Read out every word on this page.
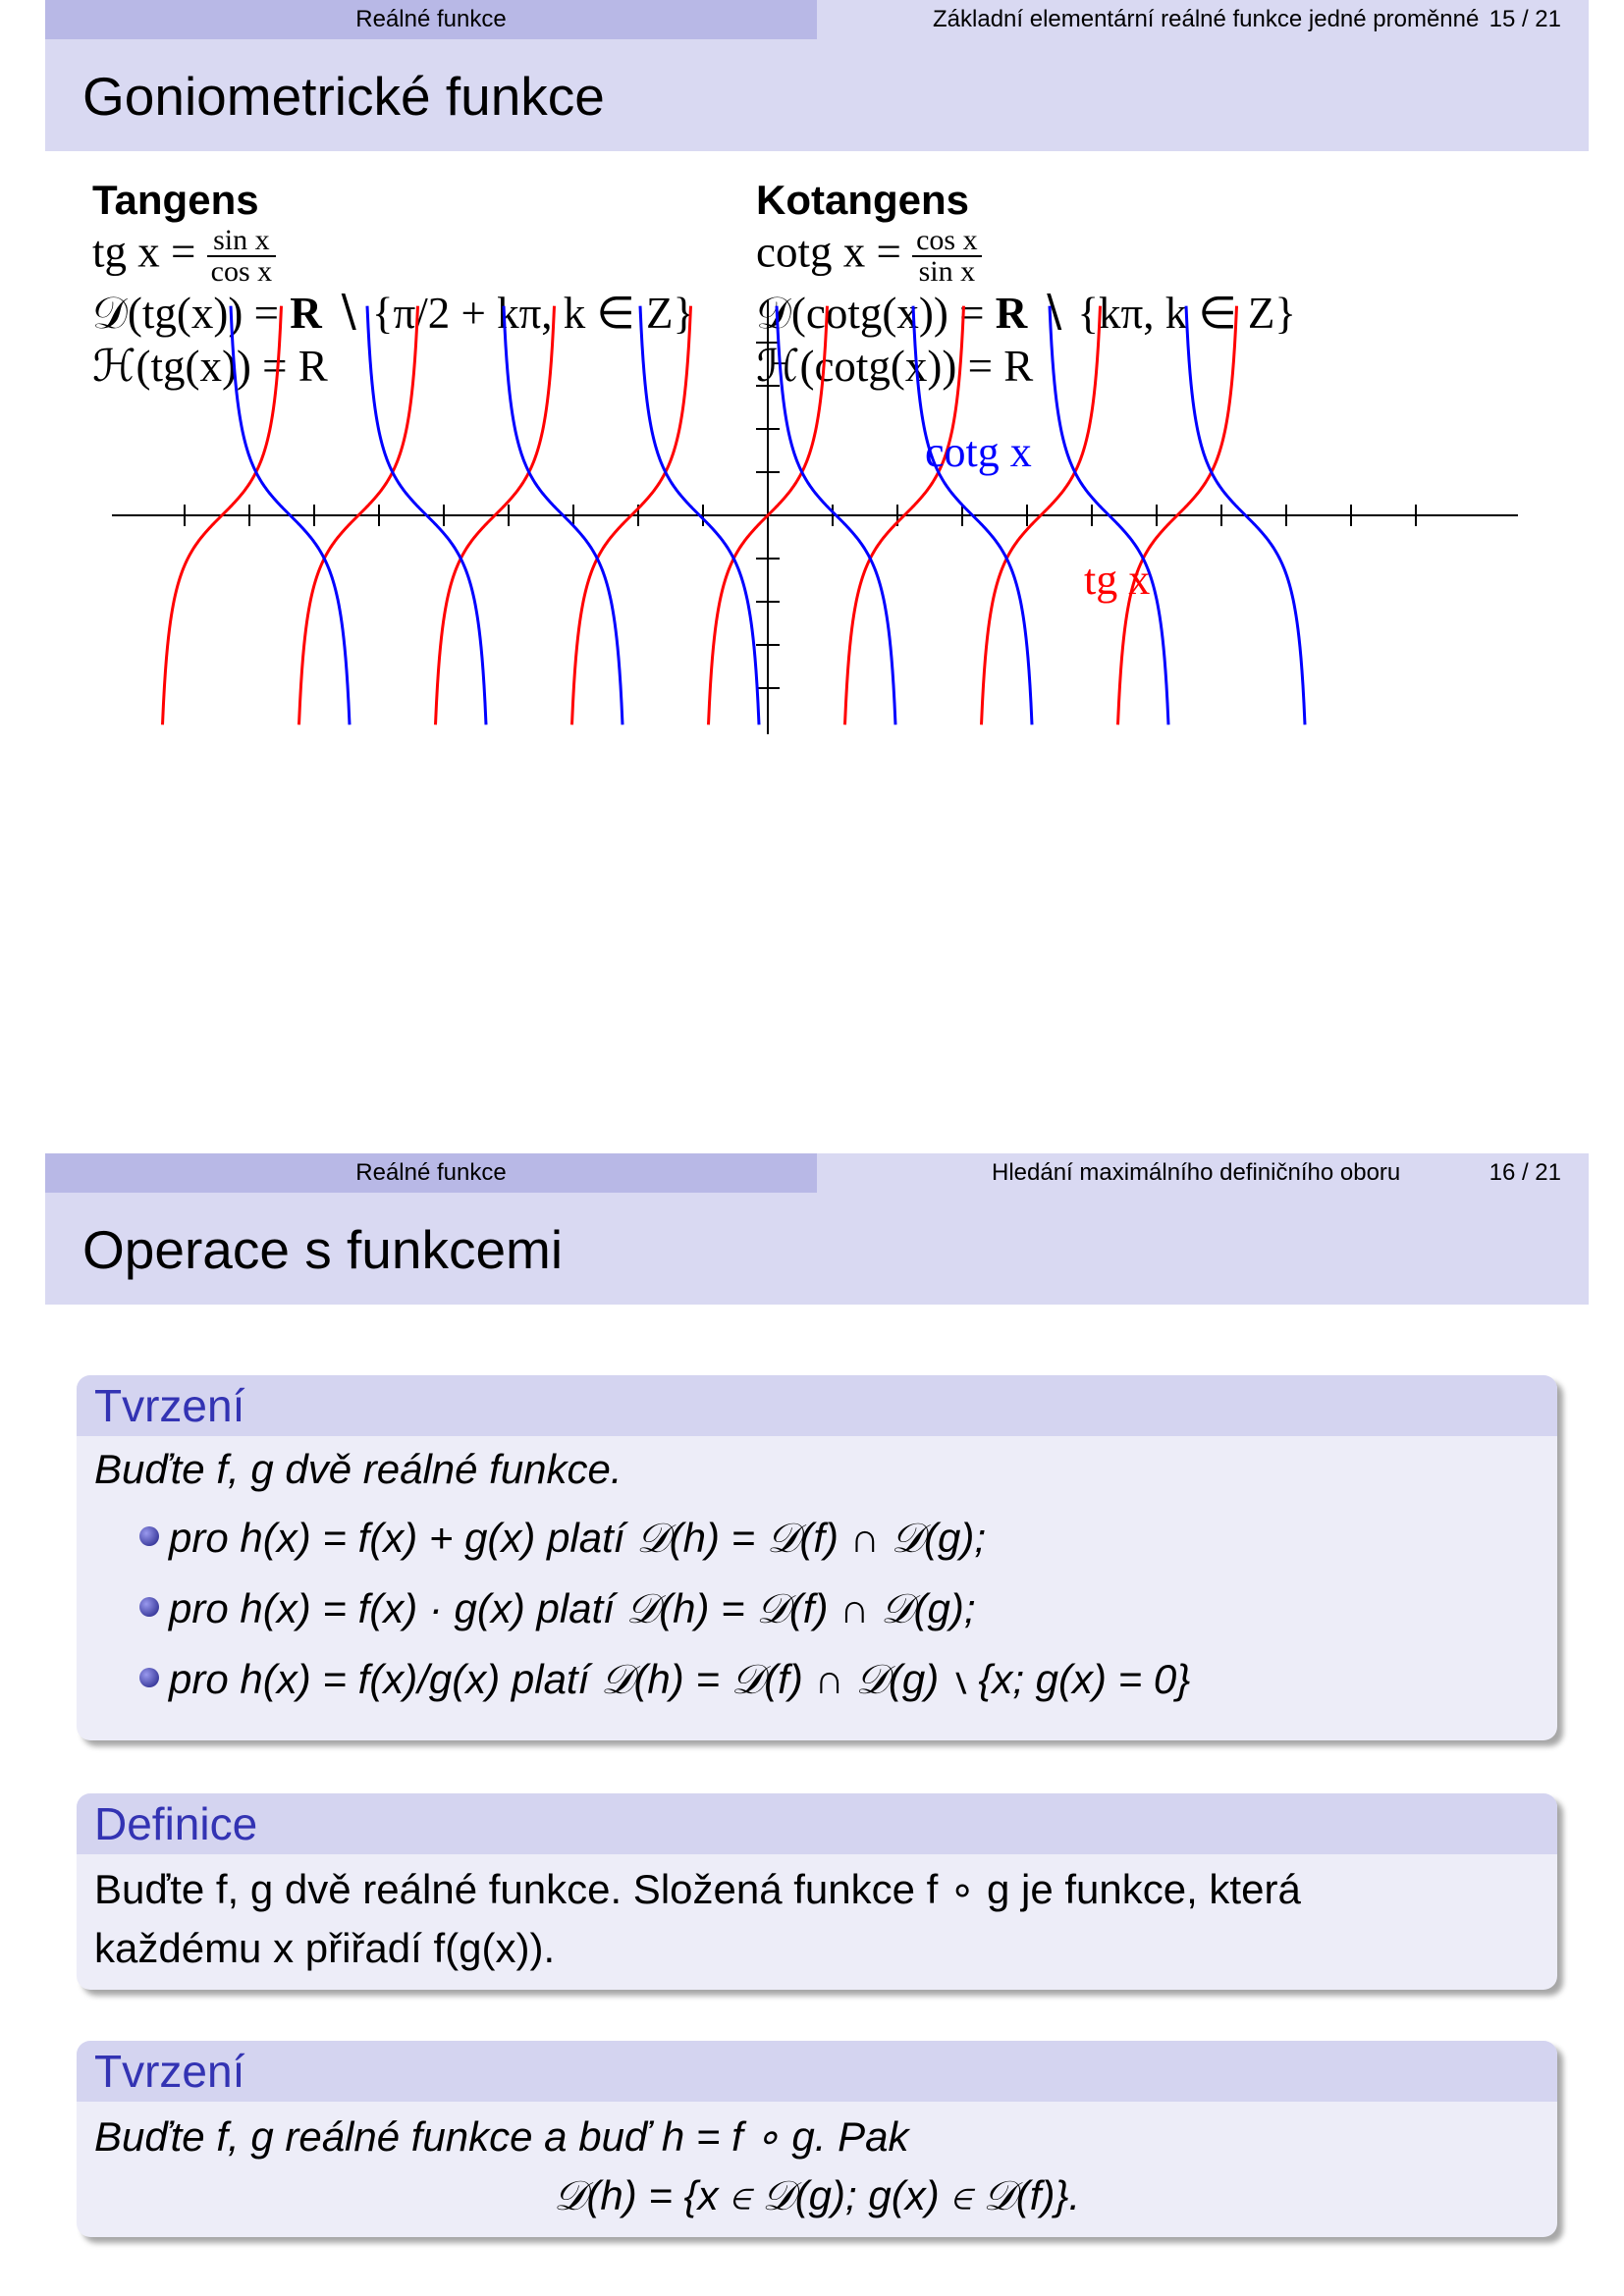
Reálné funkce	Základní elementární reálné funkce jedné proměnné 15 / 21
Goniometrické funkce
Tangens
tg $x = \frac{\text{sin x}}{\text{cos x}}$
𝒟(tg(x)) = R ∖ {π/2 + kπ, k ∈ Z}
ℋ(tg(x)) = R
Kotangens
cotg $x = \frac{\text{cos x}}{\text{sin x}}$
𝒟(cotg(x)) = R ∖ {kπ, k ∈ Z}
ℋ(cotg(x)) = R
cotg x
tg x
Reálné funkce	Hledání maximálního definičního oboru	16 / 21
Operace s funkcemi
Tvrzení
Buďte f, g dvě reálné funkce.
pro h(x) = f(x) + g(x) platí 𝒟(h) = 𝒟(f) ∩ 𝒟(g);
pro h(x) = f(x) · g(x) platí 𝒟(h) = 𝒟(f) ∩ 𝒟(g);
pro h(x) = f(x)/g(x) platí 𝒟(h) = 𝒟(f) ∩ 𝒟(g) ∖ {x; g(x) = 0}
Definice
Buďte f, g dvě reálné funkce. Složená funkce f ∘ g je funkce, která
každému x přiřadí f(g(x)).
Tvrzení
Buďte f, g reálné funkce a buď h = f ∘ g. Pak
𝒟(h) = {x ∈ 𝒟(g); g(x) ∈ 𝒟(f)}.
